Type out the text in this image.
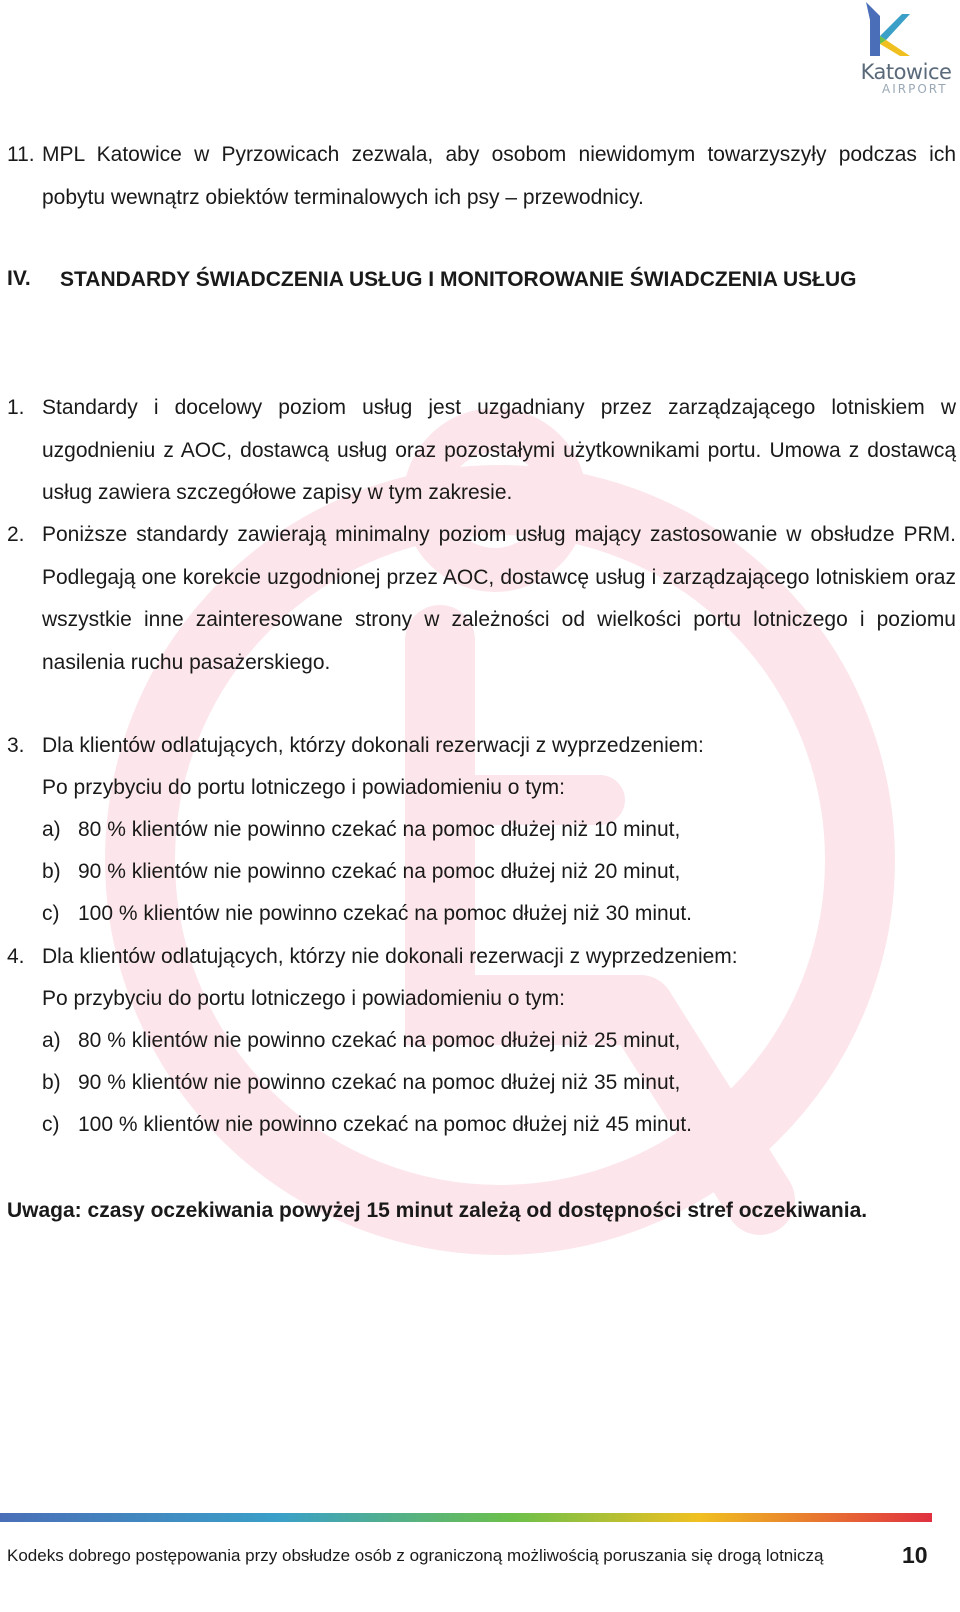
Katowice
AIRPORT
11. MPL Katowice w Pyrzowicach zezwala, aby osobom niewidomym towarzyszyły podczas ich pobytu wewnątrz obiektów terminalowych ich psy – przewodnicy.

IV. STANDARDY ŚWIADCZENIA USŁUG I MONITOROWANIE ŚWIADCZENIA USŁUG

1. Standardy i docelowy poziom usług jest uzgadniany przez zarządzającego lotniskiem w uzgodnieniu z AOC, dostawcą usług oraz pozostałymi użytkownikami portu. Umowa z dostawcą usług zawiera szczegółowe zapisy w tym zakresie.

2. Poniższe standardy zawierają minimalny poziom usług mający zastosowanie w obsłudze PRM. Podlegają one korekcie uzgodnionej przez AOC, dostawcę usług i zarządzającego lotniskiem oraz wszystkie inne zainteresowane strony w zależności od wielkości portu lotniczego i poziomu nasilenia ruchu pasażerskiego.

3. Dla klientów odlatujących, którzy dokonali rezerwacji z wyprzedzeniem:
Po przybyciu do portu lotniczego i powiadomieniu o tym:
a) 80 % klientów nie powinno czekać na pomoc dłużej niż 10 minut,
b) 90 % klientów nie powinno czekać na pomoc dłużej niż 20 minut,
c) 100 % klientów nie powinno czekać na pomoc dłużej niż 30 minut.
4. Dla klientów odlatujących, którzy nie dokonali rezerwacji z wyprzedzeniem:
Po przybyciu do portu lotniczego i powiadomieniu o tym:
a) 80 % klientów nie powinno czekać na pomoc dłużej niż 25 minut,
b) 90 % klientów nie powinno czekać na pomoc dłużej niż 35 minut,
c) 100 % klientów nie powinno czekać na pomoc dłużej niż 45 minut.

Uwaga: czasy oczekiwania powyżej 15 minut zależą od dostępności stref oczekiwania.

Kodeks dobrego postępowania przy obsłudze osób z ograniczoną możliwością poruszania się drogą lotniczą	10
